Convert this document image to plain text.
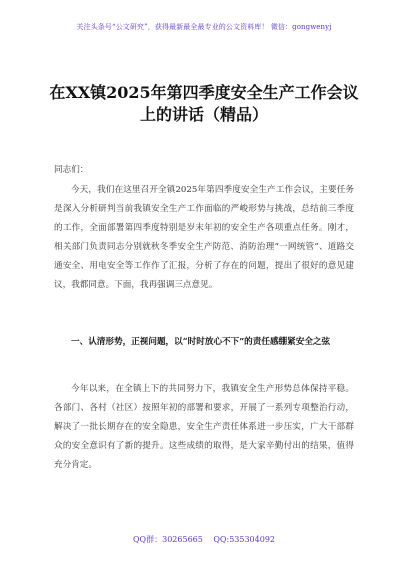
关注头条号“公文研究”，获得最新最全最专业的公文资料库！ 微信：gongwenyj
在XX镇2025年第四季度安全生产工作会议上的讲话（精品）
同志们：
今天，我们在这里召开全镇2025年第四季度安全生产工作会议，主要任务是深入分析研判当前我镇安全生产工作面临的严峻形势与挑战，总结前三季度的工作，全面部署第四季度特别是岁末年初的安全生产各项重点任务。刚才，相关部门负责同志分别就秋冬季安全生产防范、消防治理“一网统管”、道路交通安全、用电安全等工作作了汇报，分析了存在的问题，提出了很好的意见建议，我都同意。下面，我再强调三点意见。
一、认清形势，正视问题，以“时时放心不下”的责任感绷紧安全之弦
今年以来，在全镇上下的共同努力下，我镇安全生产形势总体保持平稳。各部门、各村（社区）按照年初的部署和要求，开展了一系列专项整治行动，解决了一批长期存在的安全隐患，安全生产责任体系进一步压实，广大干部群众的安全意识有了新的提升。这些成绩的取得，是大家辛勤付出的结果，值得充分肯定。
QQ群：30265665 QQ:535304092
